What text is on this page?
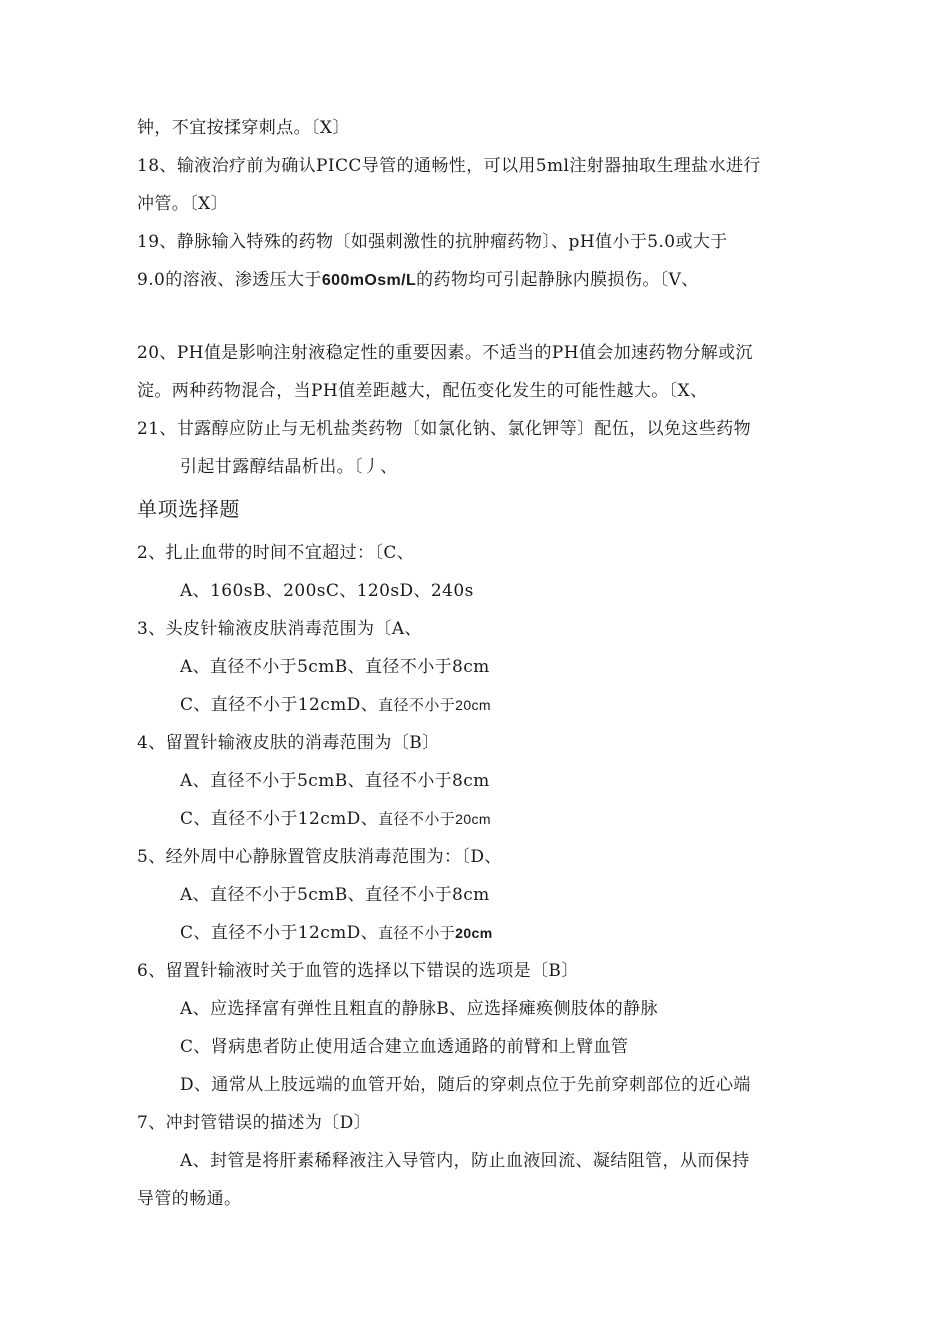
钟，不宜按揉穿刺点。〔X〕
18、输液治疗前为确认PICC导管的通畅性，可以用5ml注射器抽取生理盐水进行
冲管。〔X〕
19、静脉输入特殊的药物〔如强刺激性的抗肿瘤药物〕、pH值小于5.0或大于
9.0的溶液、渗透压大于600mOsm/L的药物均可引起静脉内膜损伤。〔V、
20、PH值是影响注射液稳定性的重要因素。不适当的PH值会加速药物分解或沉
淀。两种药物混合，当PH值差距越大，配伍变化发生的可能性越大。〔X、
21、甘露醇应防止与无机盐类药物〔如氯化钠、氯化钾等〕配伍，以免这些药物
引起甘露醇结晶析出。〔丿、
单项选择题
2、扎止血带的时间不宜超过：〔C、
A、160sB、200sC、120sD、240s
3、头皮针输液皮肤消毒范围为〔A、
A、直径不小于5cmB、直径不小于8cm
C、直径不小于12cmD、直径不小于20cm
4、留置针输液皮肤的消毒范围为〔B〕
A、直径不小于5cmB、直径不小于8cm
C、直径不小于12cmD、直径不小于20cm
5、经外周中心静脉置管皮肤消毒范围为：〔D、
A、直径不小于5cmB、直径不小于8cm
C、直径不小于12cmD、直径不小于20cm
6、留置针输液时关于血管的选择以下错误的选项是〔B〕
A、应选择富有弹性且粗直的静脉B、应选择瘫痪侧肢体的静脉
C、肾病患者防止使用适合建立血透通路的前臂和上臂血管
D、通常从上肢远端的血管开始，随后的穿刺点位于先前穿刺部位的近心端
7、冲封管错误的描述为〔D〕
A、封管是将肝素稀释液注入导管内，防止血液回流、凝结阻管，从而保持
导管的畅通。
